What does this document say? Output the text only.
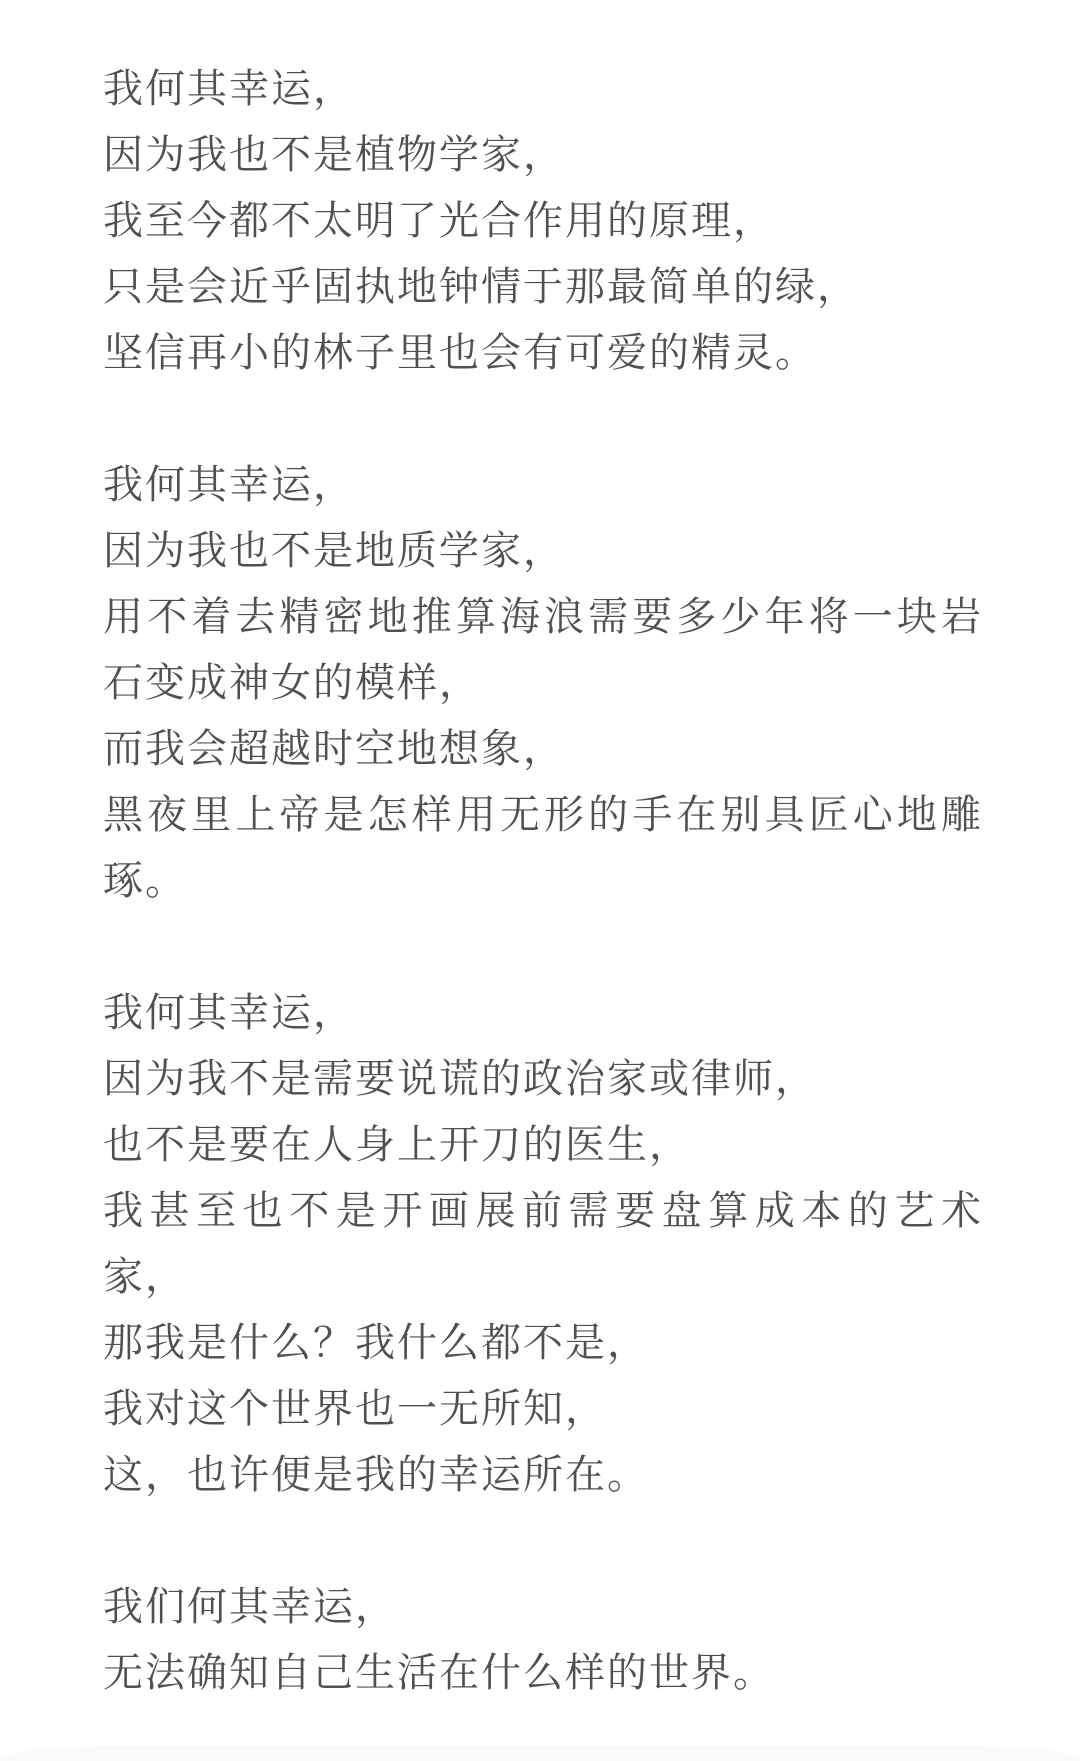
我何其幸运，
因为我也不是植物学家，
我至今都不太明了光合作用的原理，
只是会近乎固执地钟情于那最简单的绿，
坚信再小的林子里也会有可爱的精灵。
我何其幸运，
因为我也不是地质学家，
用不着去精密地推算海浪需要多少年将一块岩
石变成神女的模样，
而我会超越时空地想象，
黑夜里上帝是怎样用无形的手在别具匠心地雕
琢。
我何其幸运，
因为我不是需要说谎的政治家或律师，
也不是要在人身上开刀的医生，
我甚至也不是开画展前需要盘算成本的艺术
家，
那我是什么？我什么都不是，
我对这个世界也一无所知，
这，也许便是我的幸运所在。
我们何其幸运，
无法确知自己生活在什么样的世界。
